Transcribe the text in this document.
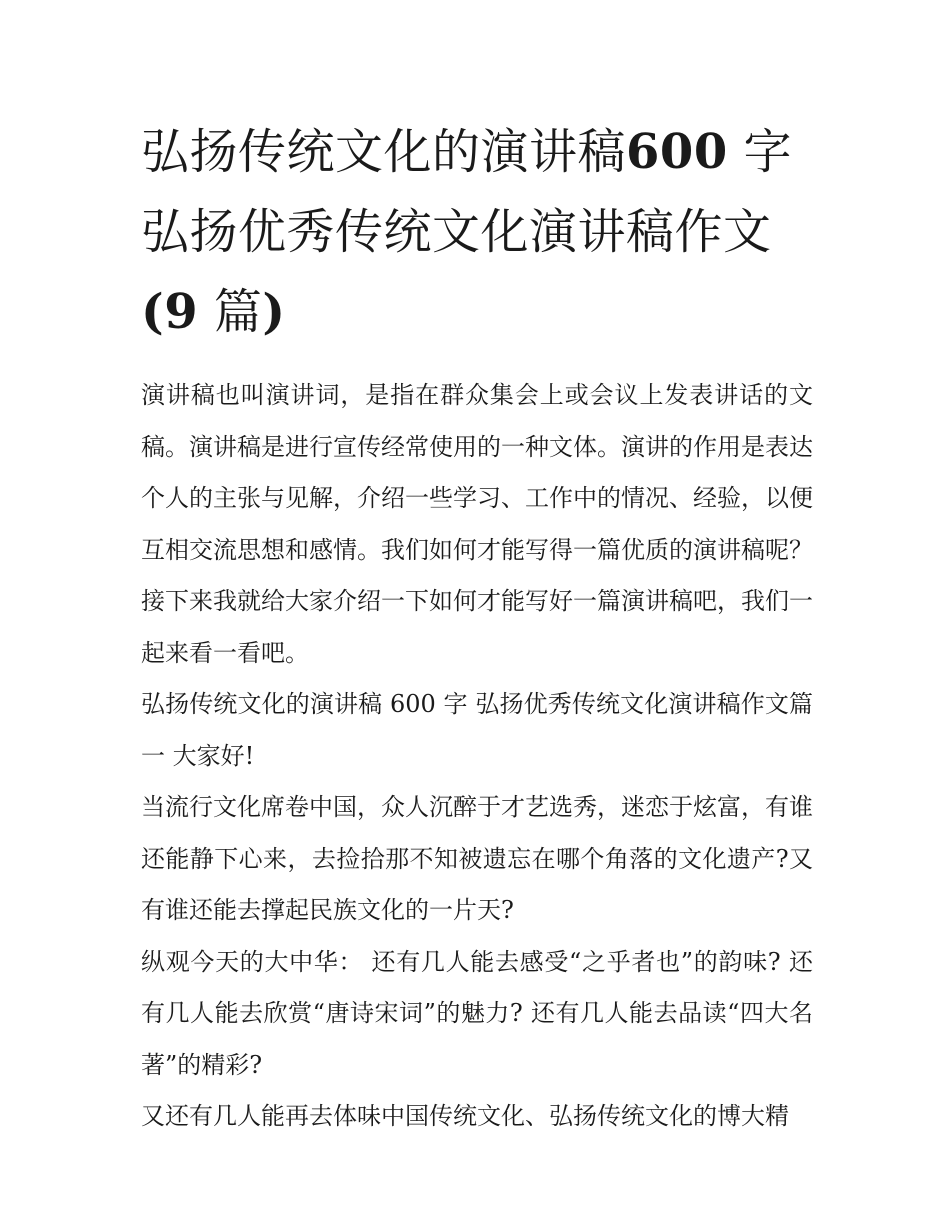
弘扬传统文化的演讲稿600 字弘扬优秀传统文化演讲稿作文
(9 篇)

演讲稿也叫演讲词，是指在群众集会上或会议上发表讲话的文稿。演讲稿是进行宣传经常使用的一种文体。演讲的作用是表达个人的主张与见解，介绍一些学习、工作中的情况、经验，以便互相交流思想和感情。我们如何才能写得一篇优质的演讲稿呢？接下来我就给大家介绍一下如何才能写好一篇演讲稿吧，我们一起来看一看吧。

弘扬传统文化的演讲稿 600 字 弘扬优秀传统文化演讲稿作文篇一 大家好!

当流行文化席卷中国，众人沉醉于才艺选秀，迷恋于炫富，有谁还能静下心来，去捡拾那不知被遗忘在哪个角落的文化遗产?又有谁还能去撑起民族文化的一片天?

纵观今天的大中华： 还有几人能去感受“之乎者也”的韵味? 还有几人能去欣赏“唐诗宋词”的魅力? 还有几人能去品读“四大名著”的精彩?

又还有几人能再去体味中国传统文化、弘扬传统文化的博大精
